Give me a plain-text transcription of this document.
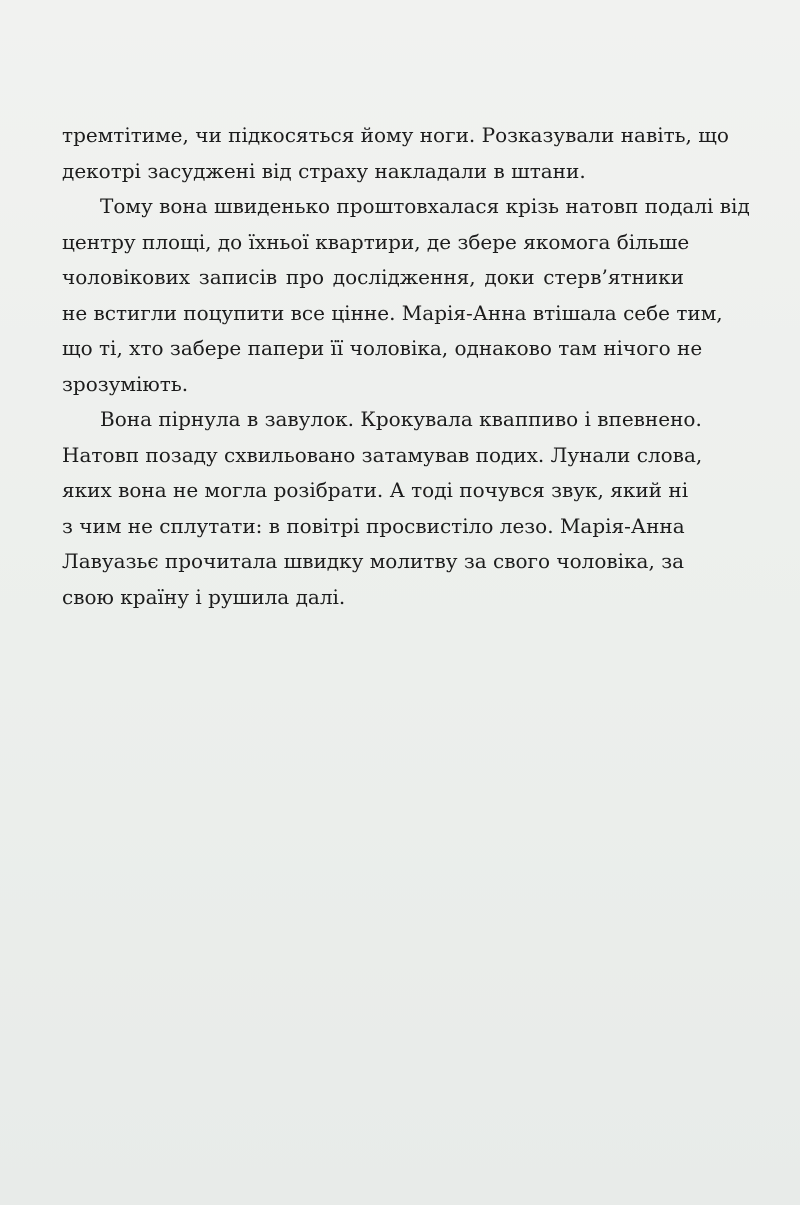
тремтітиме, чи підкосяться йому ноги. Розказували навіть, що
декотрі засуджені від страху накладали в штани.

Тому вона швиденько проштовхалася крізь натовп подалі від
центру площі, до їхньої квартири, де збере якомога більше
чоловікових записів про дослідження, доки стерв’ятники
не встигли поцупити все цінне. Марія-Анна втішала себе тим,
що ті, хто забере папери її чоловіка, однаково там нічого не
зрозуміють.

Вона пірнула в завулок. Крокувала кваппиво і впевнено.
Натовп позаду схвильовано затамував подих. Лунали слова,
яких вона не могла розібрати. А тоді почувся звук, який ні
з чим не сплутати: в повітрі просвистіло лезо. Марія-Анна
Лавуазьє прочитала швидку молитву за свого чоловіка, за
свою країну і рушила далі.
